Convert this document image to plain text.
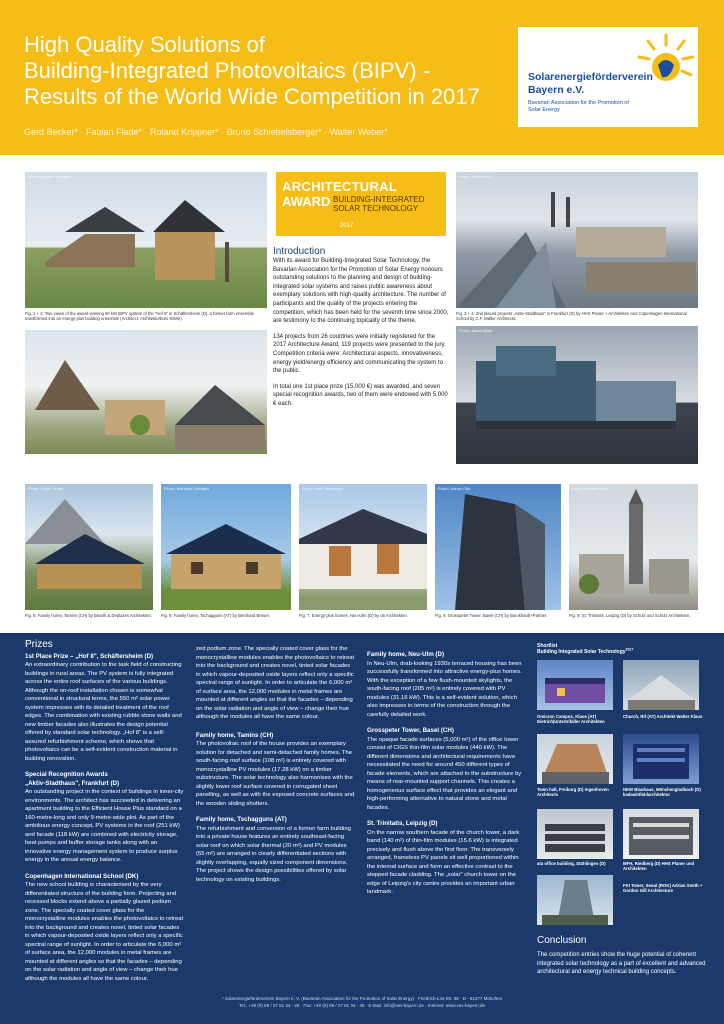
High Quality Solutions of
Building-Integrated Photovoltaics (BIPV) -
Results of the World Wide Competition in 2017
Gerd Becker* · Fabian Flade* · Roland Krippner* · Bruno Schiebelsberger* · Walter Weber*
Solarenergieförderverein
Bayern e.V.
Bavarian Association for the Promotion of Solar Energy
Photo: Brigida González
Fig. 1 + 2: Two views of the award-winning 60 kW BIPV system of the "Hof 8" in Schäftersheim (D), a former farm ensemble transformed into an energy-plus building ensemble (Architect: Architekturbüro Klärle).
ARCHITECTURAL
AWARD BUILDING-INTEGRATED SOLAR TECHNOLOGY
2017
Introduction

With its award for Building-Integrated Solar Technology, the Bavarian Association for the Promotion of Solar Energy honours outstanding solutions to the planning and design of building-integrated solar systems and raises public awareness about exemplary solutions with high-quality architecture. The number of participants and the quality of the projects entering the competition, which has been held for the seventh time since 2000, are testimony to the continuing topicality of the theme.

134 projects from 26 countries were initially registered for the 2017 Architecture Award, 119 projects were presented to the jury. Competition criteria were: Architectural aspects, innovativeness, energy yield/energy efficiency and communicating the system to the public.

In total one 1st place prize (15.000 €) was awarded, and seven special recognition awards, two of them were endowed with 5.000 € each.

Photo: Adam Mørk
Fig. 3 + 4: 2nd placed projects „Aktiv-Stadthaus" in Frankfurt (D) by HHS Planer + Architekten and Copenhagen International School by C.F. Møller Architects.
Photo: Adam Mørk
Photo: Ralph Feiner
Fig. 5: Family home, Tamins (CH) by Bearth & Deplazes Architekten.
Photo: Marcello Girardelli
Fig. 6: Family home, Tschagguns (AT) by Bernhard Breuer.
Photo: Udo Steinmeyer
Fig. 7: Energy plus homes, Neu-Ulm (D) by o5 Architekten.
Photo: Adrian Ostr
Fig. 8: Grosspeter Tower, Basel (CH) by Burckhardt+Partner.
Photo: Stefan Müller
Fig. 9: St. Trinitatis, Leipzig (D) by Schulz und Schulz Architekten.
Prizes
1st Place Prize – „Hof 8", Schäftersheim (D)

An extraordinary contribution to the task field of constructing buildings in rural areas. The PV system is fully integrated across the entire roof surfaces of the various buildings. Although the on-roof installation chosen is somewhat conventional in structural terms, the 550 m² solar power system impresses with its detailed treatment of the roof edges. The combination with existing rubble stone walls and new timber facades also illustrates the design potential offered by standard solar technology. „Hof 8" is a self-assured refurbishment scheme, which shows that photovoltaics can be a self-evident construction material in building renovation.

Special Recognition Awards
„Aktiv-Stadthaus", Frankfurt (D)

An outstanding project in the context of buildings in inner-city environments. The architect has succeeded in delivering an apartment building to the Efficient House Plus standard on a 160-metre-long and only 9-metre-wide plot. As part of the ambitious energy concept, PV systems in the roof (251 kW) and facade (118 kW) are combined with electricity storage, heat pumps and buffer storage tanks along with an innovative energy management system to produce surplus energy in the annual energy balance.

Copenhagen International School (DK)

The new school building is characterised by the very differentiated structure of the building form. Projecting and recessed blocks extend above a partially glazed podium zone. The specially coated cover glass for the monocrystalline modules enables the photovoltaics to retreat into the background and creates novel, tinted solar facades in which vapour-deposited oxide layers reflect only a specific spectral range of sunlight. In order to articulate the 6,000 m² of surface area, the 12,000 modules in metal frames are mounted at different angles so that the facades – depending on the solar radiation and angle of view – change their hue although the modules all have the same colour.

zed podium zone. The specially coated cover glass for the monocrystalline modules enables the photovoltaics to retreat into the background and creates novel, tinted solar facades in which vapour-deposited oxide layers reflect only a specific spectral range of sunlight. In order to articulate the 6,000 m² of surface area, the 12,000 modules in metal frames are mounted at different angles so that the facades – depending on the solar radiation and angle of view – change their hue although the modules all have the same colour.

Family home, Tamins (CH)

The photovoltaic roof of the house provides an exemplary solution for detached and semi-detached family homes. The south-facing roof surface (108 m²) is entirely covered with monocrystalline PV modules (17.28 kW) on a timber substructure. The solar technology also harmonises with the slightly lower roof surface covered in corrugated sheet panelling, as well as with the exposed concrete surfaces and the wooden sliding shutters.

Family home, Tschagguns (AT)

The refurbishment and conversion of a former farm building into a private house features an entirely southeast-facing solar roof on which solar thermal (20 m²) and PV modules (55 m²) are arranged in clearly differentiated sections with slightly overlapping, equally sized component dimensions. The project shows the design possibilities offered by solar technology on existing buildings.

Family home, Neu-Ulm (D)

In Neu-Ulm, drab-looking 1930s terraced housing has been successfully transformed into attractive energy-plus homes. With the exception of a few flush-mounted skylights, the south-facing roof (205 m²) is entirely covered with PV modules (31.16 kW). This is a self-evident solution, which also impresses in terms of the construction through the carefully detailed work.

Grosspeter Tower, Basel (CH)

The opaque facade surfaces (5,000 m²) of the office tower consist of CIGS thin-film solar modules (440 kW). The different dimensions and architectural requirements have necessitated the need for around 450 different types of facade elements, which are attached to the substructure by means of rear-mounted support channels. This creates a homogeneous surface effect that provides an elegant and high-performing alternative to natural stone and metal facades.

St. Trinitatis, Leipzig (D)

On the narrow southern facade of the church tower, a dark band (140 m²) of thin-film modules (15.6 kW) is integrated precisely and flush above the first floor. The transversely arranged, frameless PV panels sit well proportioned within the internal surface and form an effective contrast to the stepped facade cladding. The „solar" church tower on the edge of Leipzig's city centre provides an important urban landmark.

Shortlist
Building Integrated Solar Technology$^{2017}$
Omicron Campus, Klaus (AT) Dietrich|Untertrifaller Architekten
Church, Rif (AT) Architekt Walter Klaus
Town hall, Freiburg (D) Ingenhoven Architects
NEW Blauhaus, Mönchengladbach (D) kadawittfeldarchitektur
ata office building, Stühlingen (D)	MFH, Riedberg (D) HHS Planer und Architekten
FKI Tower, Seoul (ROK) Adrian Smith + Gordon Gill Architecture
Conclusion

The competition entries show the huge potential of coherent integrated solar technology as a part of excellent and advanced architectural and energy technical building concepts.

* Solarenergieförderverein Bayern e. V. (Bavarian Association for the Promotion of Solar Energy) · Friedrich-List-Str. 88 · D - 81377 München
Tel.: +49 (0) 89 / 27 81 34 - 28 · Fax: +49 (0) 89 / 27 81 34 - 30 · E-Mail: info@sev-bayern.de · Internet: www.sev-bayern.de
